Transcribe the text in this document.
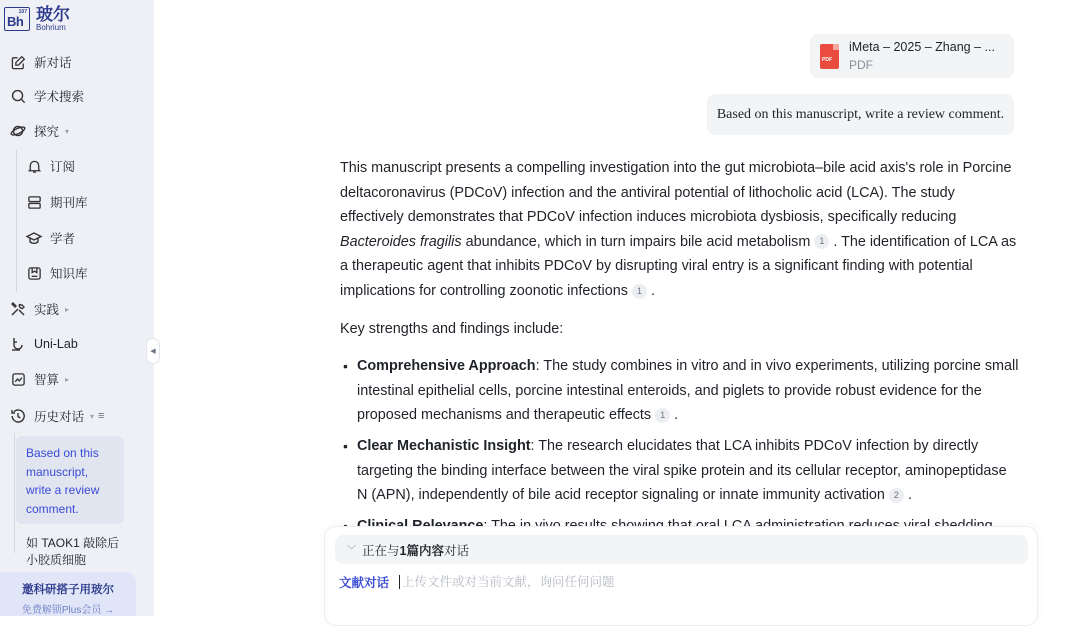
107
Bh 玻尔
Bohrium
新对话
学术搜索
探究 ▾
订阅
期刊库
学者
知识库
实践 ▸
Uni-Lab
智算 ▸
历史对话 ▾ ≡
Based on this manuscript, write a review comment.
如 TAOK1 敲除后小胶质细胞
邀科研搭子用玻尔
免费解锁Plus会员 →
◀
PDF
iMeta – 2025 – Zhang – ...
PDF
Based on this manuscript, write a review comment.

This manuscript presents a compelling investigation into the gut microbiota–bile acid axis's role in Porcine deltacoronavirus (PDCoV) infection and the antiviral potential of lithocholic acid (LCA). The study effectively demonstrates that PDCoV infection induces microbiota dysbiosis, specifically reducing Bacteroides fragilis abundance, which in turn impairs bile acid metabolism 1 . The identification of LCA as a therapeutic agent that inhibits PDCoV by disrupting viral entry is a significant finding with potential implications for controlling zoonotic infections 1 .

Key strengths and findings include:

• Comprehensive Approach: The study combines in vitro and in vivo experiments, utilizing porcine small intestinal epithelial cells, porcine intestinal enteroids, and piglets to provide robust evidence for the proposed mechanisms and therapeutic effects 1 .
• Clear Mechanistic Insight: The research elucidates that LCA inhibits PDCoV infection by directly targeting the binding interface between the viral spike protein and its cellular receptor, aminopeptidase N (APN), independently of bile acid receptor signaling or innate immunity activation 2 .
•
﹀ 正在与 1篇内容 对话
文献对话
上传文件或对当前文献，询问任何问题
